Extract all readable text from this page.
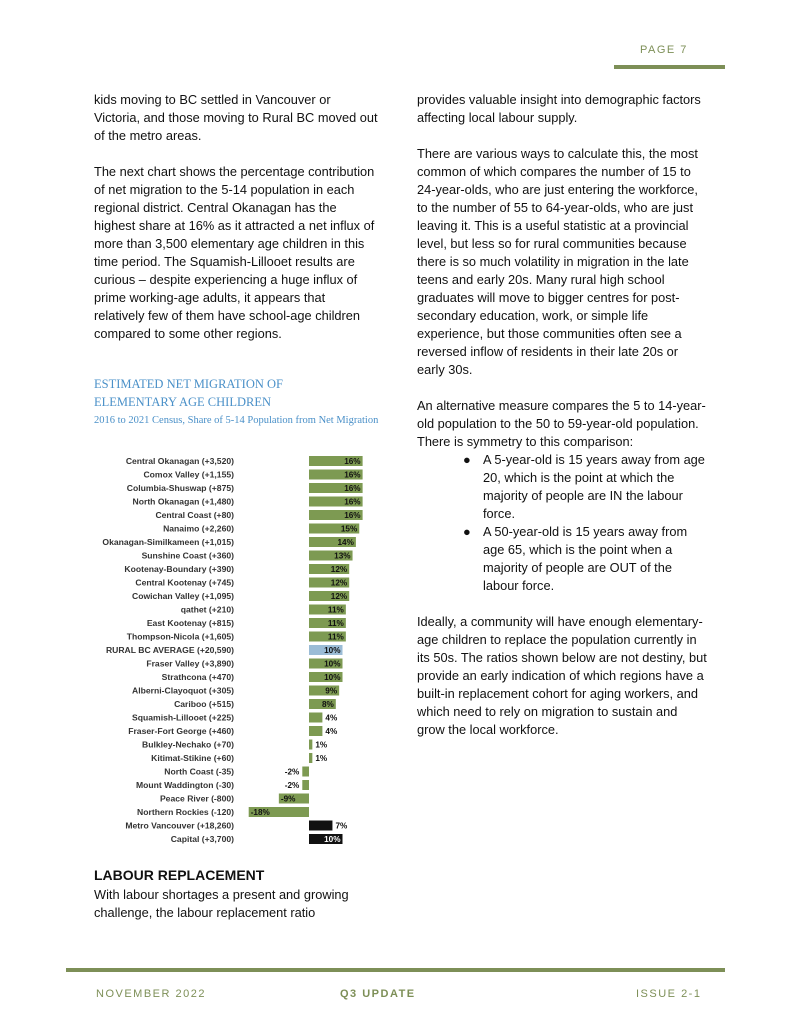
PAGE 7

kids moving to BC settled in Vancouver or Victoria, and those moving to Rural BC moved out of the metro areas.

The next chart shows the percentage contribution of net migration to the 5-14 population in each regional district. Central Okanagan has the highest share at 16% as it attracted a net influx of more than 3,500 elementary age children in this time period. The Squamish-Lillooet results are curious – despite experiencing a huge influx of prime working-age adults, it appears that relatively few of them have school-age children compared to some other regions.

ESTIMATED NET MIGRATION OF ELEMENTARY AGE CHILDREN
2016 to 2021 Census, Share of 5-14 Population from Net Migration
Central Okanagan (+3,520)	16%
Comox Valley (+1,155)	16%
Columbia-Shuswap (+875)	16%
North Okanagan (+1,480)	16%
Central Coast (+80)	16%
Nanaimo (+2,260)	15%
Okanagan-Similkameen (+1,015)	14%
Sunshine Coast (+360)	13%
Kootenay-Boundary (+390)	12%
Central Kootenay (+745)	12%
Cowichan Valley (+1,095)	12%
qathet (+210)	11%
East Kootenay (+815)	11%
Thompson-Nicola (+1,605)	11%
RURAL BC AVERAGE (+20,590)	10%
Fraser Valley (+3,890)	10%
Strathcona (+470)	10%
Alberni-Clayoquot (+305)	9%
Cariboo (+515)	8%
Squamish-Lillooet (+225)	4%
Fraser-Fort George (+460)	4%
Bulkley-Nechako (+70)	1%
Kitimat-Stikine (+60)	1%
North Coast (-35)	-2%
Mount Waddington (-30)	-2%
Peace River (-800)	-9%
Northern Rockies (-120) -18%
Metro Vancouver (+18,260)	7%
Capital (+3,700)	10%
LABOUR REPLACEMENT
With labour shortages a present and growing challenge, the labour replacement ratio

provides valuable insight into demographic factors affecting local labour supply.

There are various ways to calculate this, the most common of which compares the number of 15 to 24-year-olds, who are just entering the workforce, to the number of 55 to 64-year-olds, who are just leaving it. This is a useful statistic at a provincial level, but less so for rural communities because there is so much volatility in migration in the late teens and early 20s. Many rural high school graduates will move to bigger centres for post-secondary education, work, or simple life experience, but those communities often see a reversed inflow of residents in their late 20s or early 30s.

An alternative measure compares the 5 to 14-year-old population to the 50 to 59-year-old population. There is symmetry to this comparison:

● A 5-year-old is 15 years away from age 20, which is the point at which the majority of people are IN the labour force.
● A 50-year-old is 15 years away from age 65, which is the point when a majority of people are OUT of the labour force.

Ideally, a community will have enough elementary-age children to replace the population currently in its 50s. The ratios shown below are not destiny, but provide an early indication of which regions have a built-in replacement cohort for aging workers, and which need to rely on migration to sustain and grow the local workforce.

NOVEMBER 2022	Q3 UPDATE	ISSUE 2-1
